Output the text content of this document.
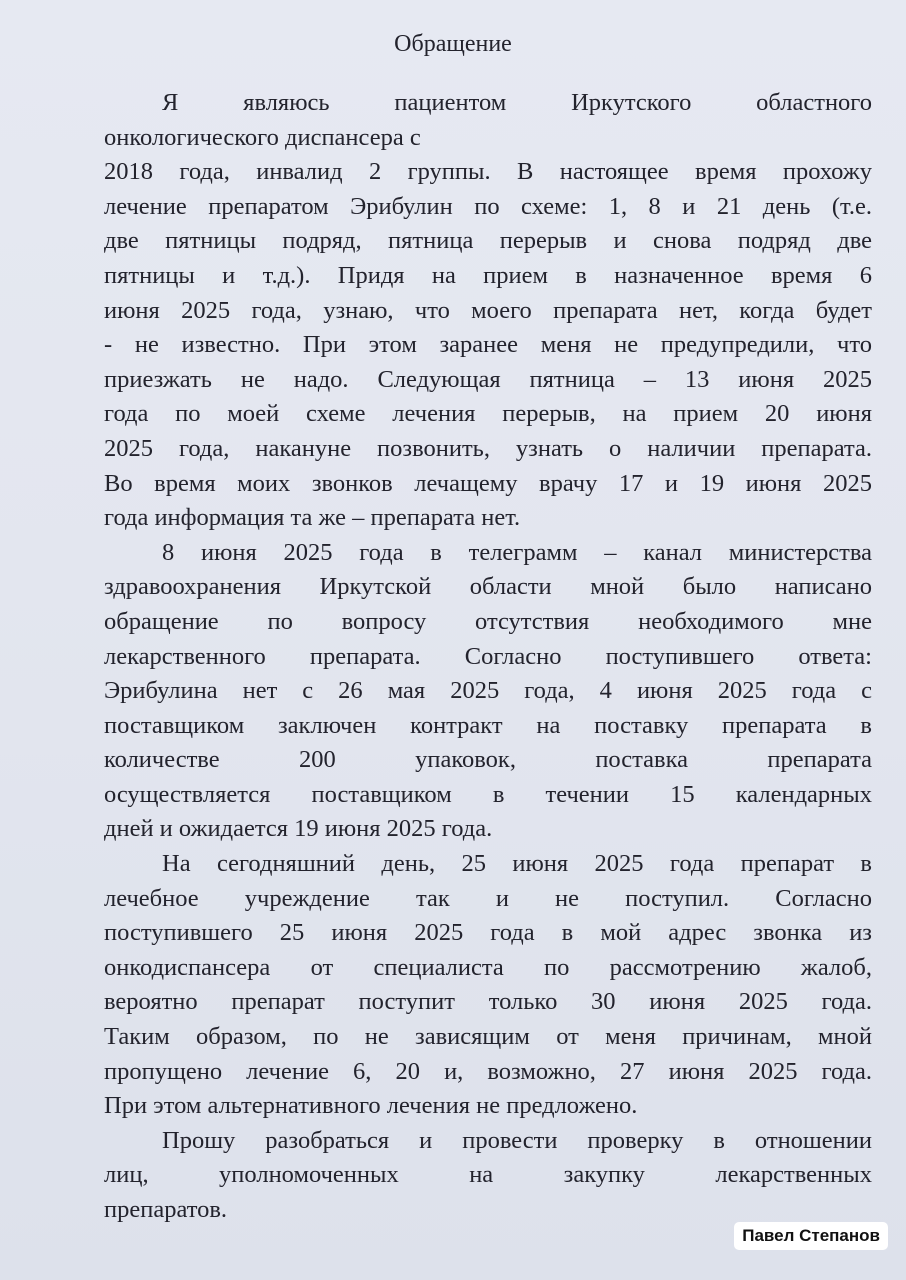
Обращение
Я являюсь пациентом Иркутского областного
онкологического диспансера с
2018 года, инвалид 2 группы. В настоящее время прохожу
лечение препаратом Эрибулин по схеме: 1, 8 и 21 день (т.е.
две пятницы подряд, пятница перерыв и снова подряд две
пятницы и т.д.). Придя на прием в назначенное время 6
июня 2025 года, узнаю, что моего препарата нет, когда будет
- не известно. При этом заранее меня не предупредили, что
приезжать не надо. Следующая пятница – 13 июня 2025
года по моей схеме лечения перерыв, на прием 20 июня
2025 года, накануне позвонить, узнать о наличии препарата.
Во время моих звонков лечащему врачу 17 и 19 июня 2025
года информация та же – препарата нет.
8 июня 2025 года в телеграмм – канал министерства
здравоохранения Иркутской области мной было написано
обращение по вопросу отсутствия необходимого мне
лекарственного препарата. Согласно поступившего ответа:
Эрибулина нет с 26 мая 2025 года, 4 июня 2025 года с
поставщиком заключен контракт на поставку препарата в
количестве 200 упаковок, поставка препарата
осуществляется поставщиком в течении 15 календарных
дней и ожидается 19 июня 2025 года.
На сегодняшний день, 25 июня 2025 года препарат в
лечебное учреждение так и не поступил. Согласно
поступившего 25 июня 2025 года в мой адрес звонка из
онкодиспансера от специалиста по рассмотрению жалоб,
вероятно препарат поступит только 30 июня 2025 года.
Таким образом, по не зависящим от меня причинам, мной
пропущено лечение 6, 20 и, возможно, 27 июня 2025 года.
При этом альтернативного лечения не предложено.
Прошу разобраться и провести проверку в отношении
лиц, уполномоченных на закупку лекарственных
препаратов.
Павел Степанов
